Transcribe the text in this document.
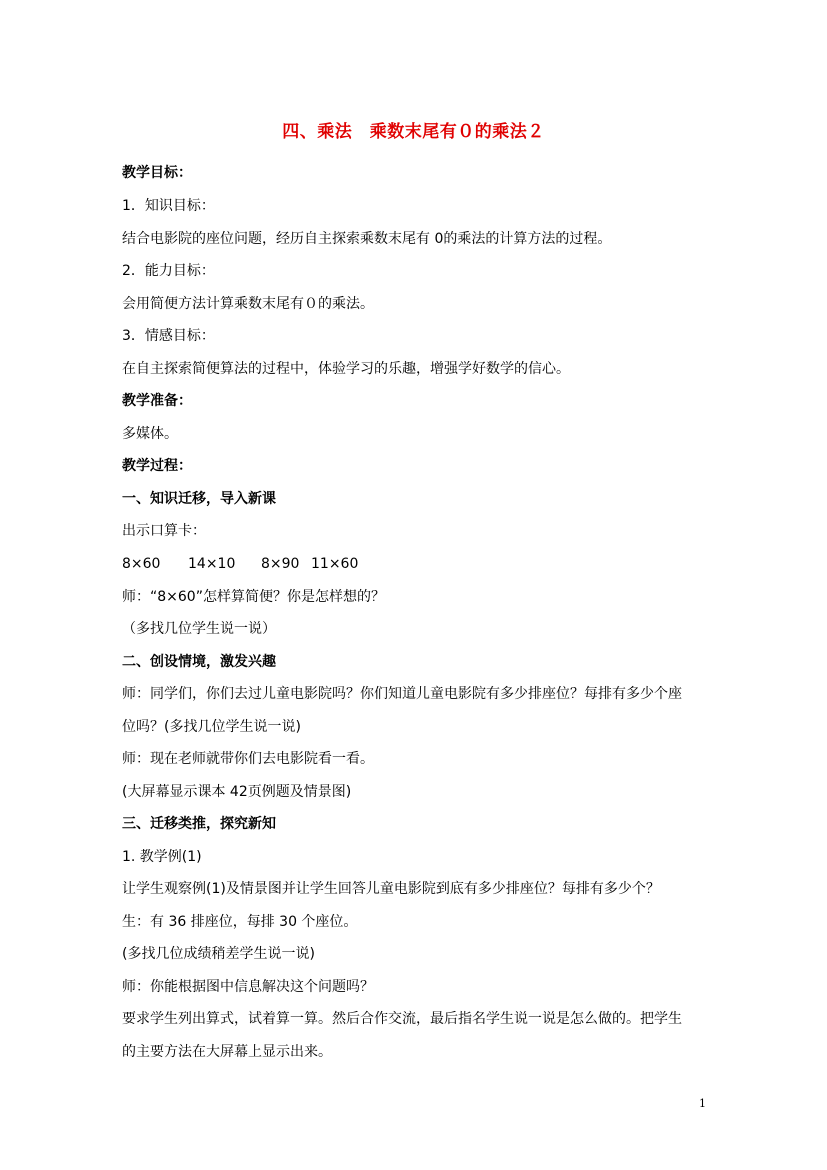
四、乘法　乘数末尾有０的乘法２
教学目标：
1．知识目标：
结合电影院的座位问题，经历自主探索乘数末尾有 0的乘法的计算方法的过程。
2．能力目标：
会用简便方法计算乘数末尾有０的乘法。
3．情感目标：
在自主探索简便算法的过程中，体验学习的乐趣，增强学好数学的信心。
教学准备：
多媒体。
教学过程：
一、知识迁移，导入新课
出示口算卡：
8×60 14×10 8×90 11×60
师：“8×60”怎样算简便？你是怎样想的？
（多找几位学生说一说）
二、创设情境，激发兴趣
师：同学们，你们去过儿童电影院吗？你们知道儿童电影院有多少排座位？每排有多少个座
位吗？(多找几位学生说一说)
师：现在老师就带你们去电影院看一看。
(大屏幕显示课本 42页例题及情景图)
三、迁移类推，探究新知
1. 教学例(1)
让学生观察例(1)及情景图并让学生回答儿童电影院到底有多少排座位？每排有多少个？
生：有 36 排座位，每排 30 个座位。
(多找几位成绩稍差学生说一说)
师：你能根据图中信息解决这个问题吗？
要求学生列出算式，试着算一算。然后合作交流，最后指名学生说一说是怎么做的。把学生
的主要方法在大屏幕上显示出来。
1
